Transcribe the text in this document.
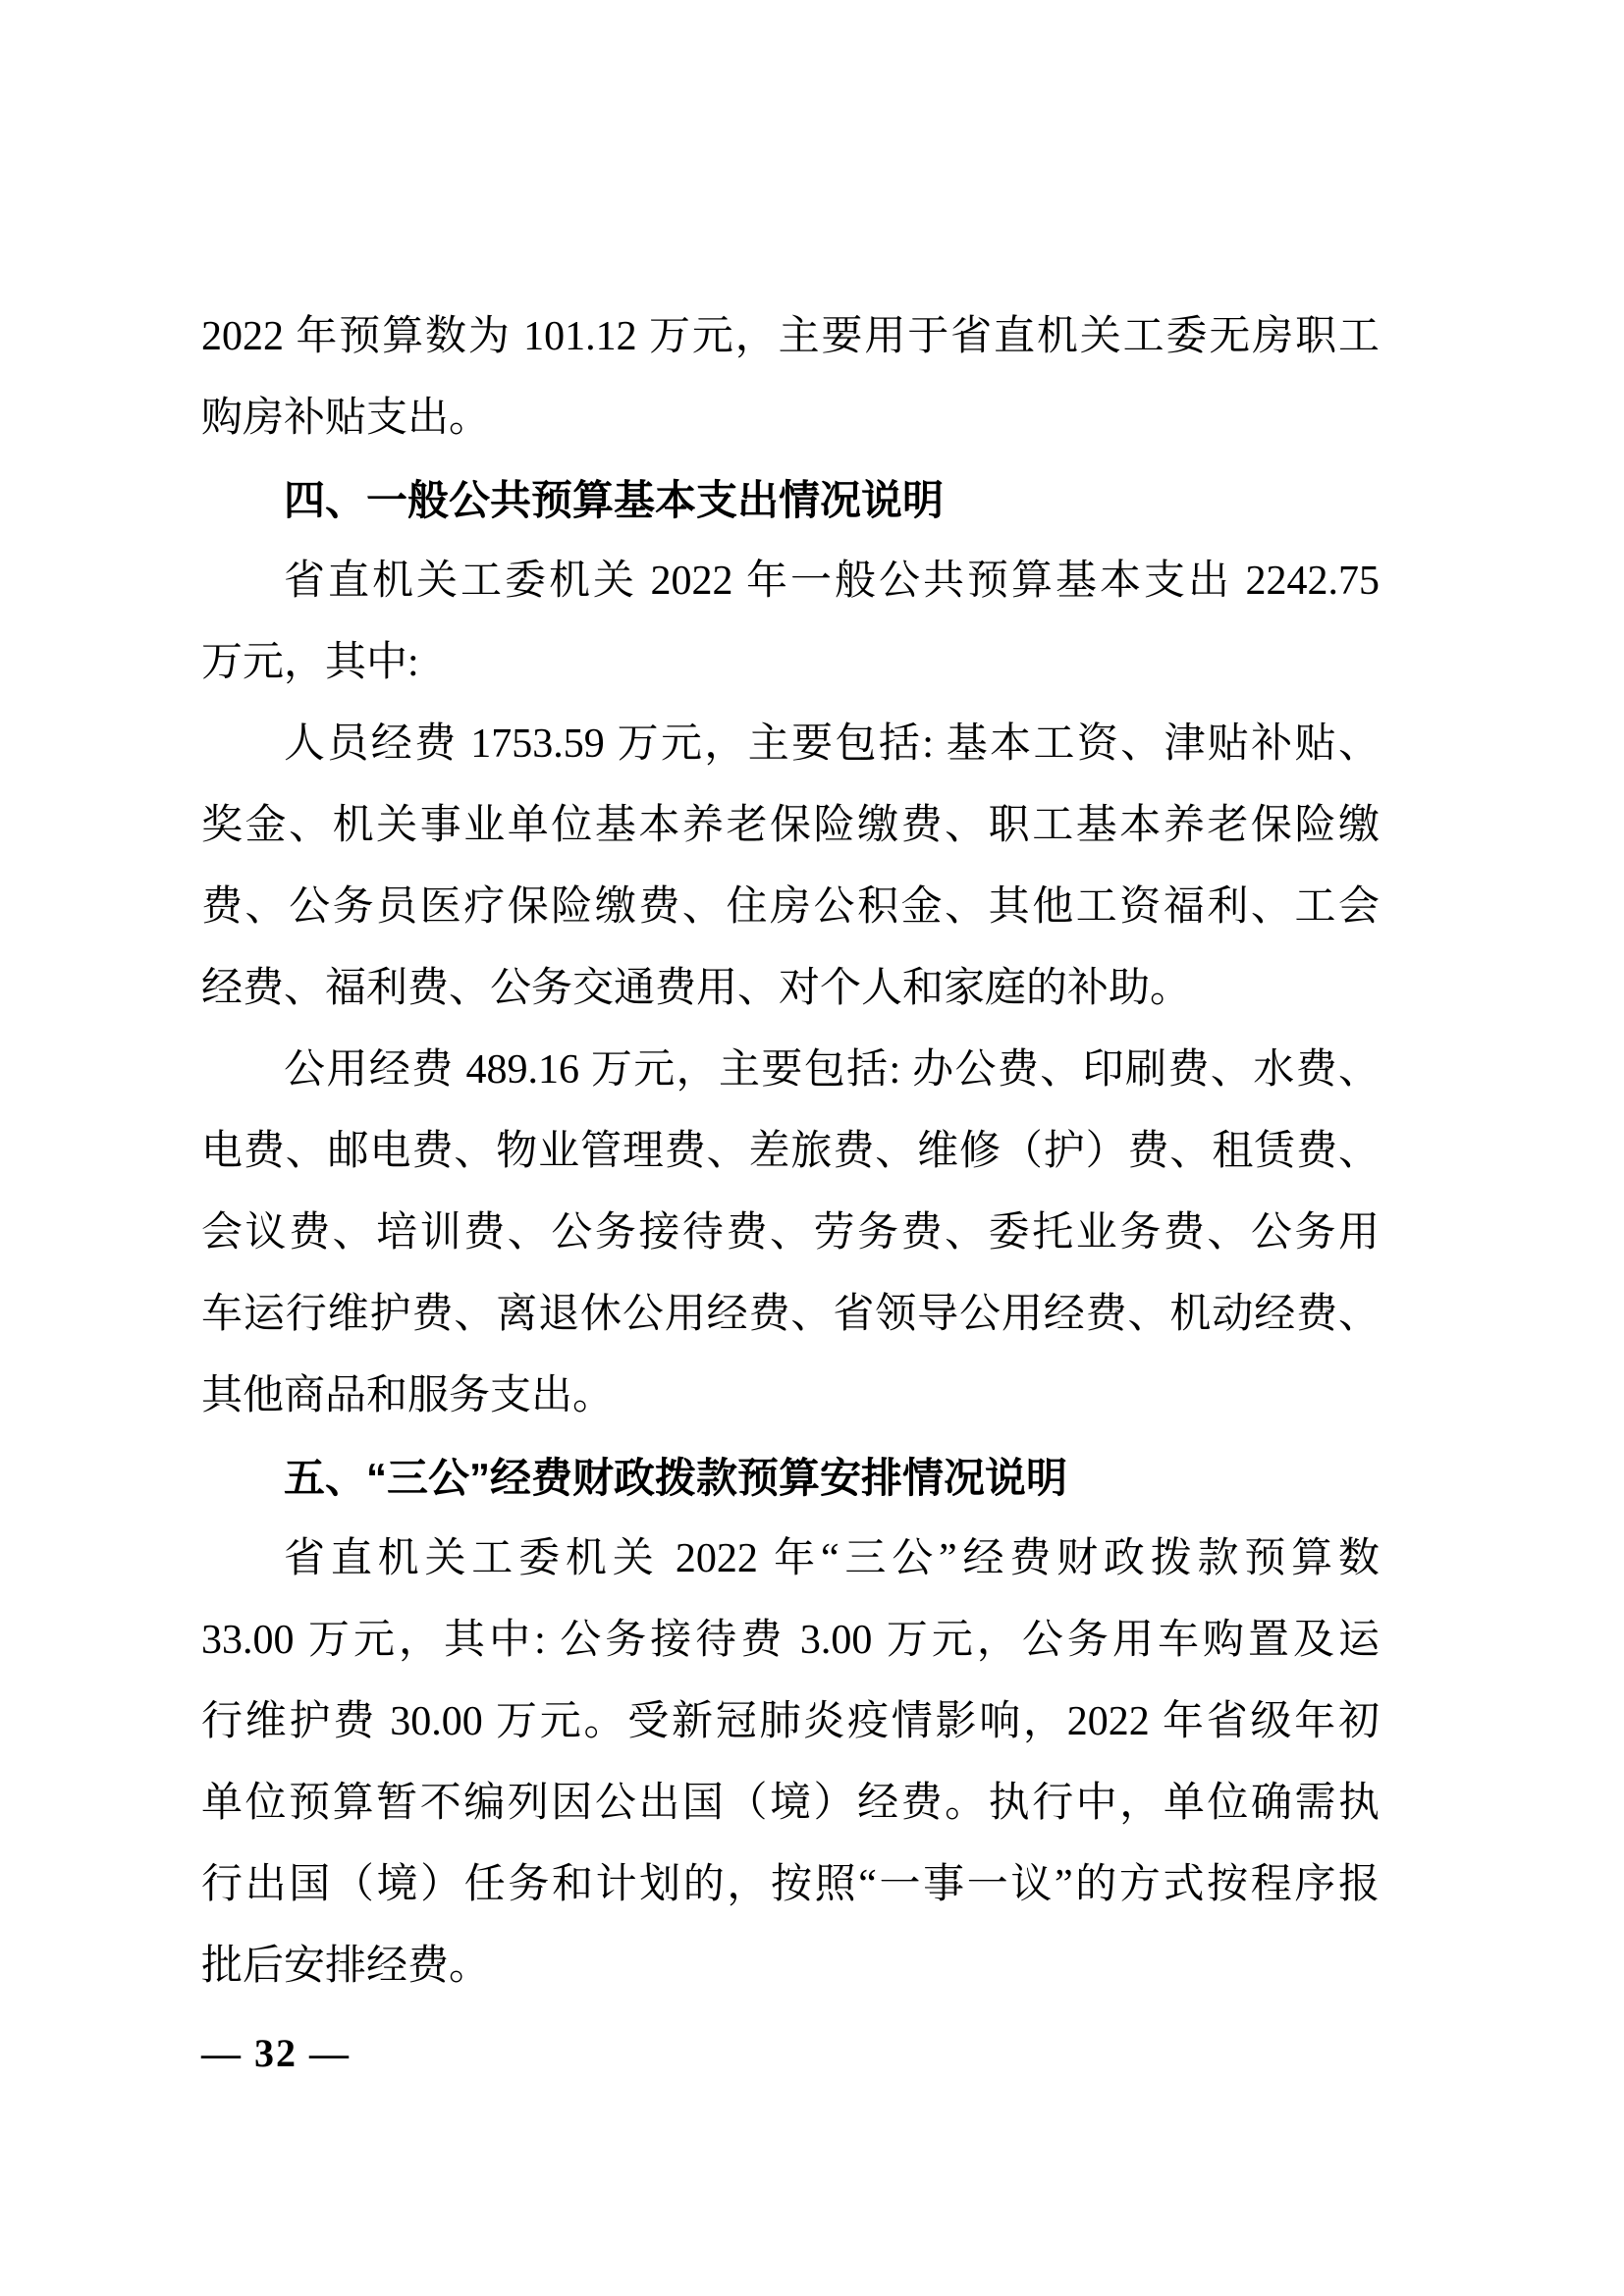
2022 年预算数为 101.12 万元，主要用于省直机关工委无房职工
购房补贴支出。
四、一般公共预算基本支出情况说明
省直机关工委机关 2022 年一般公共预算基本支出 2242.75
万元，其中:
人员经费 1753.59 万元，主要包括: 基本工资、津贴补贴、
奖金、机关事业单位基本养老保险缴费、职工基本养老保险缴
费、公务员医疗保险缴费、住房公积金、其他工资福利、工会
经费、福利费、公务交通费用、对个人和家庭的补助。
公用经费 489.16 万元，主要包括: 办公费、印刷费、水费、
电费、邮电费、物业管理费、差旅费、维修（护）费、租赁费、
会议费、培训费、公务接待费、劳务费、委托业务费、公务用
车运行维护费、离退休公用经费、省领导公用经费、机动经费、
其他商品和服务支出。
五、“三公”经费财政拨款预算安排情况说明
省直机关工委机关 2022 年“三公”经费财政拨款预算数
33.00 万元，其中: 公务接待费 3.00 万元，公务用车购置及运
行维护费 30.00 万元。受新冠肺炎疫情影响，2022 年省级年初
单位预算暂不编列因公出国（境）经费。执行中，单位确需执
行出国（境）任务和计划的，按照“一事一议”的方式按程序报
批后安排经费。
— 32 —
